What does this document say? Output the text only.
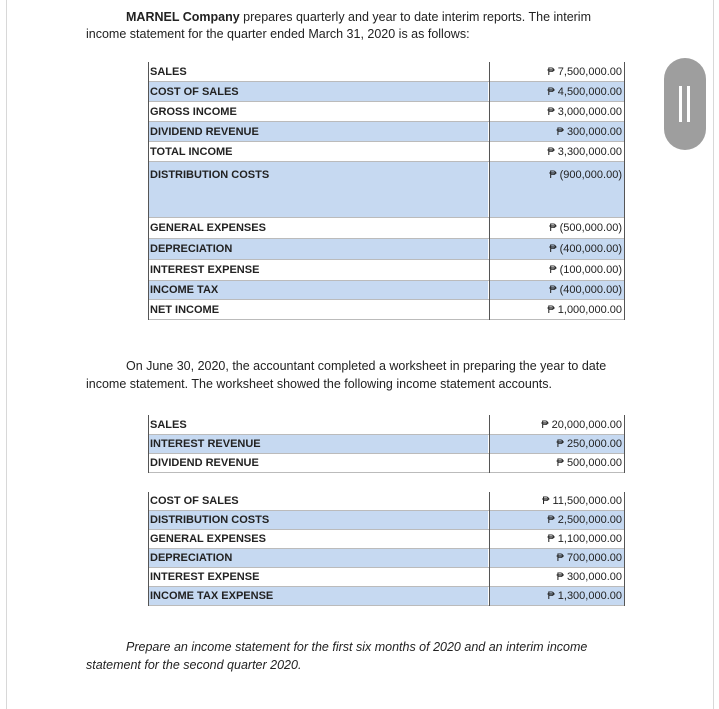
MARNEL Company prepares quarterly and year to date interim reports. The interim
income statement for the quarter ended March 31, 2020 is as follows:
SALES	₱ 7,500,000.00
COST OF SALES	₱ 4,500,000.00
GROSS INCOME	₱ 3,000,000.00
DIVIDEND REVENUE	₱ 300,000.00
TOTAL INCOME	₱ 3,300,000.00
DISTRIBUTION COSTS	₱ (900,000.00)
GENERAL EXPENSES	₱ (500,000.00)
DEPRECIATION	₱ (400,000.00)
INTEREST EXPENSE	₱ (100,000.00)
INCOME TAX	₱ (400,000.00)
NET INCOME	₱ 1,000,000.00
On June 30, 2020, the accountant completed a worksheet in preparing the year to date
income statement. The worksheet showed the following income statement accounts.
SALES	₱ 20,000,000.00
INTEREST REVENUE	₱ 250,000.00
DIVIDEND REVENUE	₱ 500,000.00
COST OF SALES	₱ 11,500,000.00
DISTRIBUTION COSTS	₱ 2,500,000.00
GENERAL EXPENSES	₱ 1,100,000.00
DEPRECIATION	₱ 700,000.00
INTEREST EXPENSE	₱ 300,000.00
INCOME TAX EXPENSE	₱ 1,300,000.00
Prepare an income statement for the first six months of 2020 and an interim income
statement for the second quarter 2020.
